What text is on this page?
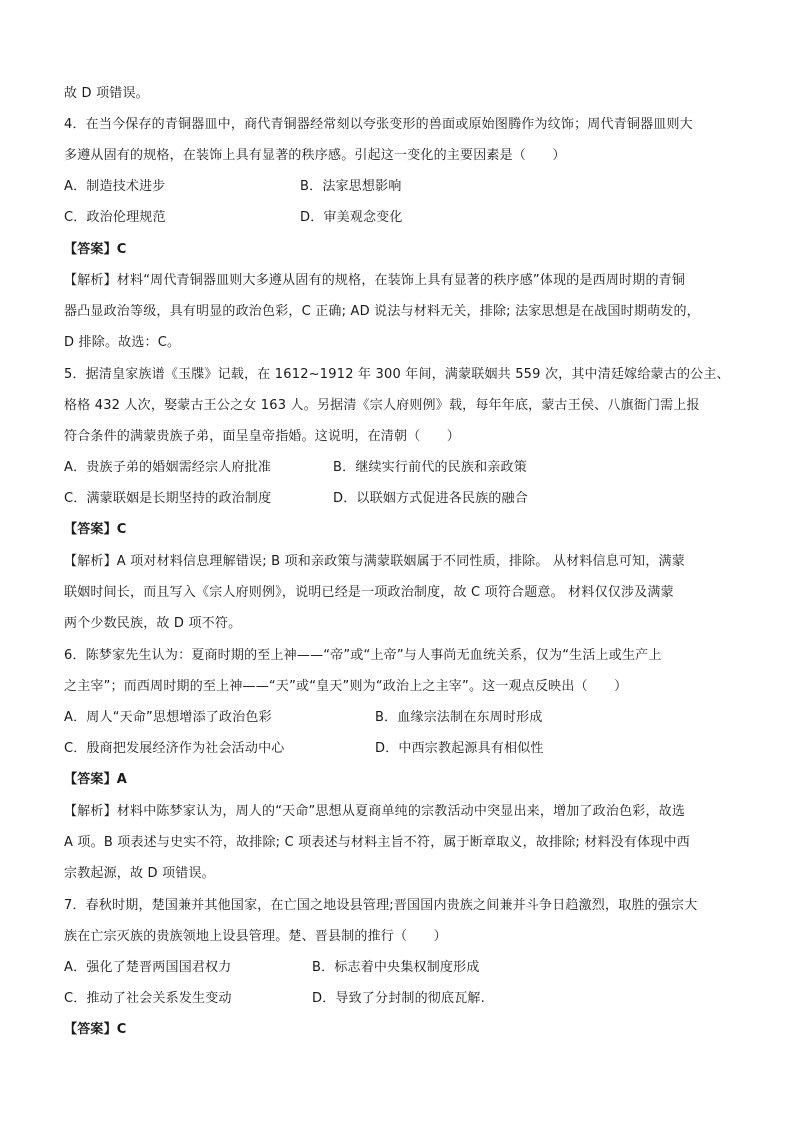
故 D 项错误。
4．在当今保存的青铜器皿中，商代青铜器经常刻以夸张变形的兽面或原始图腾作为纹饰；周代青铜器皿则大
多遵从固有的规格，在装饰上具有显著的秩序感。引起这一变化的主要因素是（　　）
A．制造技术进步	B．法家思想影响
C．政治伦理规范	D．审美观念变化
【答案】C
【解析】材料“周代青铜器皿则大多遵从固有的规格，在装饰上具有显著的秩序感”体现的是西周时期的青铜
器凸显政治等级，具有明显的政治色彩，C 正确; AD 说法与材料无关，排除; 法家思想是在战国时期萌发的，
D 排除。故选：C。
5．据清皇家族谱《玉牒》记载，在 1612~1912 年 300 年间，满蒙联姻共 559 次，其中清廷嫁给蒙古的公主、
格格 432 人次，娶蒙古王公之女 163 人。另据清《宗人府则例》载，每年年底，蒙古王侯、八旗衙门需上报
符合条件的满蒙贵族子弟，面呈皇帝指婚。这说明，在清朝（　　）
A．贵族子弟的婚姻需经宗人府批准	B．继续实行前代的民族和亲政策
C．满蒙联姻是长期坚持的政治制度	D．以联姻方式促进各民族的融合
【答案】C
【解析】A 项对材料信息理解错误; B 项和亲政策与满蒙联姻属于不同性质，排除。 从材料信息可知，满蒙
联姻时间长，而且写入《宗人府则例》，说明已经是一项政治制度，故 C 项符合题意。 材料仅仅涉及满蒙
两个少数民族，故 D 项不符。
6．陈梦家先生认为：夏商时期的至上神——“帝”或“上帝”与人事尚无血统关系，仅为“生活上或生产上
之主宰”；而西周时期的至上神——“天”或“皇天”则为“政治上之主宰”。这一观点反映出（　　）
A．周人“天命”思想增添了政治色彩	B．血缘宗法制在东周时形成
C．殷商把发展经济作为社会活动中心	D．中西宗教起源具有相似性
【答案】A
【解析】材料中陈梦家认为，周人的“天命”思想从夏商单纯的宗教活动中突显出来，增加了政治色彩，故选
A 项。B 项表述与史实不符，故排除; C 项表述与材料主旨不符，属于断章取义，故排除; 材料没有体现中西
宗教起源，故 D 项错误。
7．春秋时期，楚国兼并其他国家，在亡国之地设县管理;晋国国内贵族之间兼并斗争日趋激烈，取胜的强宗大
族在亡宗灭族的贵族领地上设县管理。楚、晋县制的推行（　　）
A．强化了楚晋两国国君权力	B．标志着中央集权制度形成
C．推动了社会关系发生变动	D．导致了分封制的彻底瓦解.
【答案】C
